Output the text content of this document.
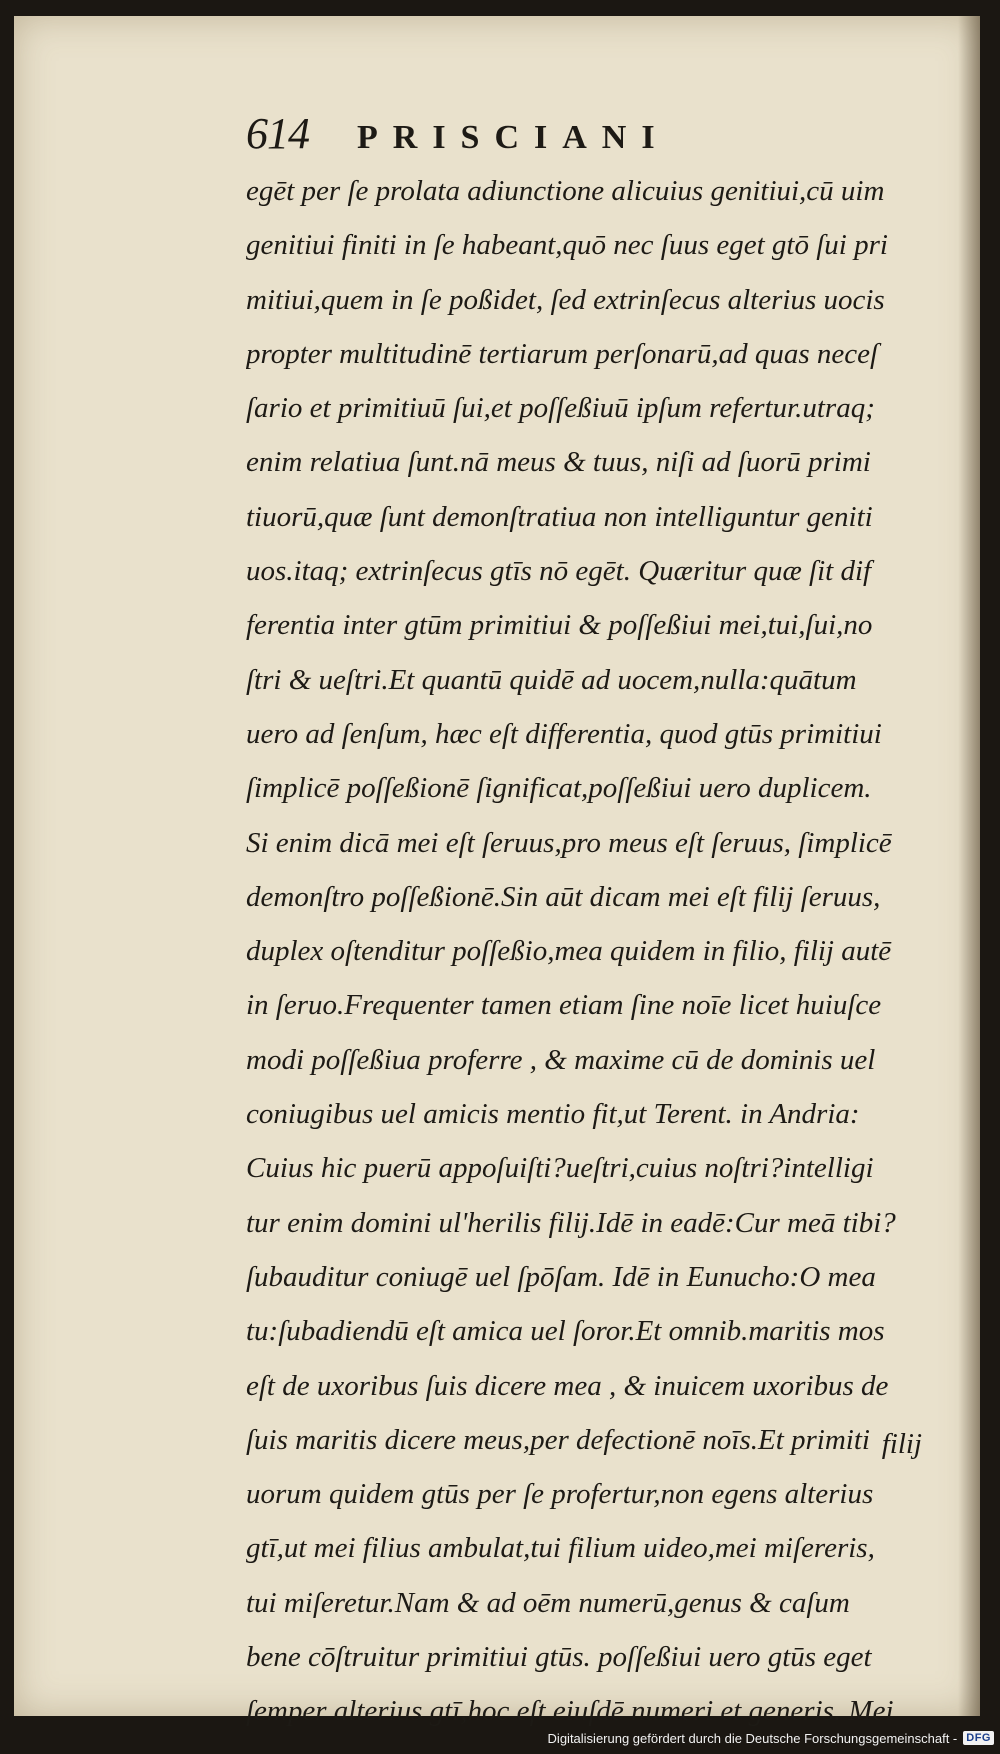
614 PRISCIANI
egēt per ſe prolata adiunctione alicuius genitiui,cū uim
genitiui finiti in ſe habeant,quō nec ſuus eget gtō ſui pri
mitiui,quem in ſe poßidet, ſed extrinſecus alterius uocis
propter multitudinē tertiarum perſonarū,ad quas neceſ
ſario et primitiuū ſui,et poſſeßiuū ipſum refertur.utraq;
enim relatiua ſunt.nā meus & tuus, niſi ad ſuorū primi
tiuorū,quæ ſunt demonſtratiua non intelliguntur geniti
uos.itaq; extrinſecus gtīs nō egēt. Quæritur quæ ſit dif
ferentia inter gtūm primitiui & poſſeßiui mei,tui,ſui,no
ſtri & ueſtri.Et quantū quidē ad uocem,nulla:quātum
uero ad ſenſum, hæc eſt differentia, quod gtūs primitiui
ſimplicē poſſeßionē ſignificat,poſſeßiui uero duplicem.
Si enim dicā mei eſt ſeruus,pro meus eſt ſeruus, ſimplicē
demonſtro poſſeßionē.Sin aūt dicam mei eſt filij ſeruus,
duplex oſtenditur poſſeßio,mea quidem in filio, filij autē
in ſeruo.Frequenter tamen etiam ſine noīe licet huiuſce
modi poſſeßiua proferre , & maxime cū de dominis uel
coniugibus uel amicis mentio fit,ut Terent. in Andria:
Cuius hic puerū appoſuiſti?ueſtri,cuius noſtri?intelligi
tur enim domini ul'herilis filij.Idē in eadē:Cur meā tibi?
ſubauditur coniugē uel ſpōſam. Idē in Eunucho:O mea
tu:ſubadiendū eſt amica uel ſoror.Et omnib.maritis mos
eſt de uxoribus ſuis dicere mea , & inuicem uxoribus de
ſuis maritis dicere meus,per defectionē noīs.Et primiti
uorum quidem gtūs per ſe profertur,non egens alterius
gtī,ut mei filius ambulat,tui filium uideo,mei miſereris,
tui miſeretur.Nam & ad oēm numerū,genus & caſum
bene cōſtruitur primitiui gtūs. poſſeßiui uero gtūs eget
ſemper alterius gtī,hoc eſt eiuſdē numeri et generis. Mei
filij
Digitalisierung gefördert durch die Deutsche Forschungsgemeinschaft - DFG
